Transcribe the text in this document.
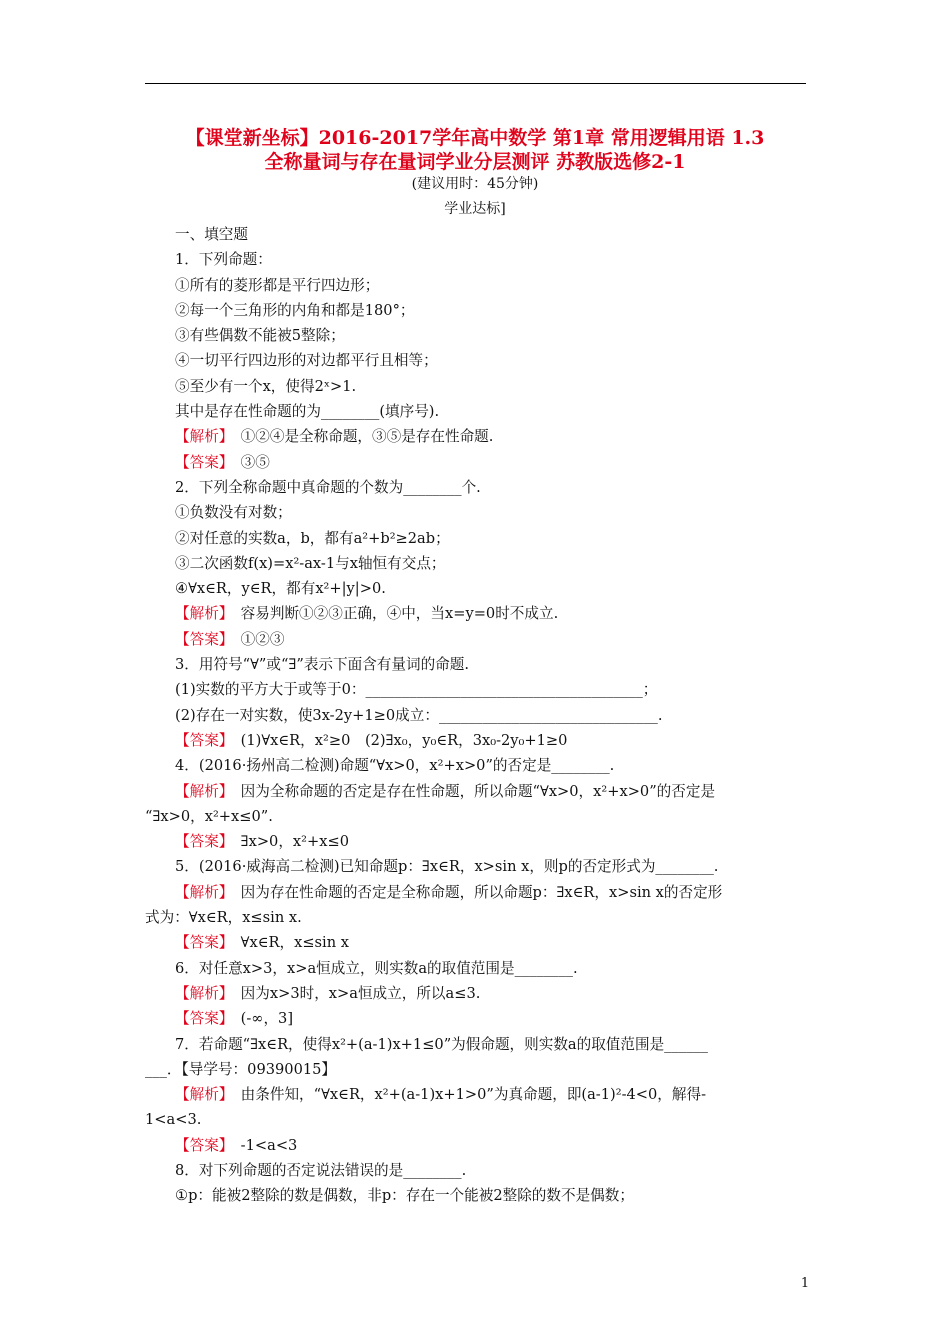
【课堂新坐标】2016-2017学年高中数学 第1章 常用逻辑用语 1.3
全称量词与存在量词学业分层测评 苏教版选修2-1
(建议用时：45分钟)
学业达标]
一、填空题
1．下列命题：
①所有的菱形都是平行四边形；
②每一个三角形的内角和都是180°；
③有些偶数不能被5整除；
④一切平行四边形的对边都平行且相等；
⑤至少有一个x，使得2ˣ>1.
其中是存在性命题的为________(填序号).
【解析】　①②④是全称命题，③⑤是存在性命题.
【答案】　③⑤
2．下列全称命题中真命题的个数为________个.
①负数没有对数；
②对任意的实数a，b，都有a²+b²≥2ab；
③二次函数f(x)=x²-ax-1与x轴恒有交点；
④∀x∈R，y∈R，都有x²+|y|>0.
【解析】　容易判断①②③正确，④中，当x=y=0时不成立.
【答案】　①②③
3．用符号“∀”或“∃”表示下面含有量词的命题.
(1)实数的平方大于或等于0：______________________________________；
(2)存在一对实数，使3x-2y+1≥0成立：______________________________.
【答案】　(1)∀x∈R，x²≥0　(2)∃x₀，y₀∈R，3x₀-2y₀+1≥0
4．(2016·扬州高二检测)命题“∀x>0，x²+x>0”的否定是________.
【解析】　因为全称命题的否定是存在性命题，所以命题“∀x>0，x²+x>0”的否定是
“∃x>0，x²+x≤0”.
【答案】　∃x>0，x²+x≤0
5．(2016·威海高二检测)已知命题p：∃x∈R，x>sin x，则p的否定形式为________.
【解析】　因为存在性命题的否定是全称命题，所以命题p：∃x∈R，x>sin x的否定形
式为：∀x∈R，x≤sin x.
【答案】　∀x∈R，x≤sin x
6．对任意x>3，x>a恒成立，则实数a的取值范围是________.
【解析】　因为x>3时，x>a恒成立，所以a≤3.
【答案】　(-∞，3]
7．若命题“∃x∈R，使得x²+(a-1)x+1≤0”为假命题，则实数a的取值范围是______
___．【导学号：09390015】
【解析】　由条件知，“∀x∈R，x²+(a-1)x+1>0”为真命题，即(a-1)²-4<0，解得-
1<a<3.
【答案】　-1<a<3
8．对下列命题的否定说法错误的是________.
①p：能被2整除的数是偶数，非p：存在一个能被2整除的数不是偶数；
1
